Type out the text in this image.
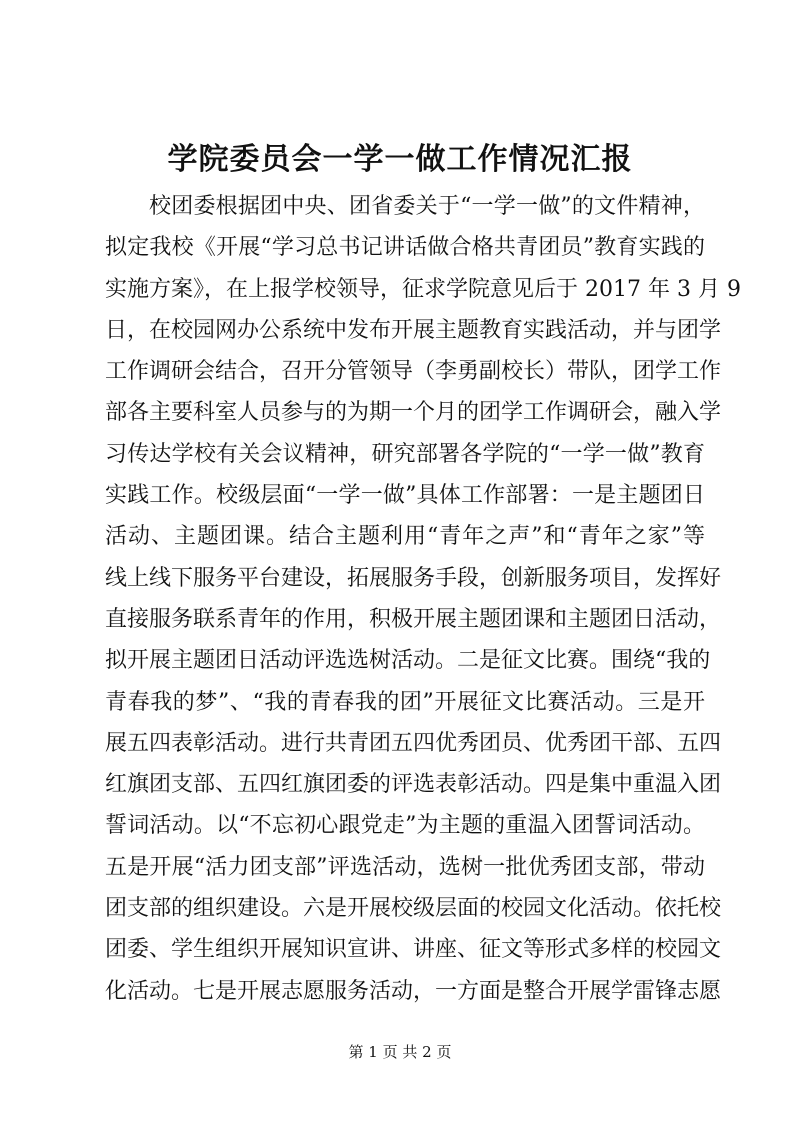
学院委员会一学一做工作情况汇报
校团委根据团中央、团省委关于“一学一做”的文件精神，
拟定我校《开展“学习总书记讲话做合格共青团员”教育实践的
实施方案》，在上报学校领导，征求学院意见后于 2017 年 3 月 9
日，在校园网办公系统中发布开展主题教育实践活动，并与团学
工作调研会结合，召开分管领导（李勇副校长）带队，团学工作
部各主要科室人员参与的为期一个月的团学工作调研会，融入学
习传达学校有关会议精神，研究部署各学院的“一学一做”教育
实践工作。校级层面“一学一做”具体工作部署：一是主题团日
活动、主题团课。结合主题利用“青年之声”和“青年之家”等
线上线下服务平台建设，拓展服务手段，创新服务项目，发挥好
直接服务联系青年的作用，积极开展主题团课和主题团日活动，
拟开展主题团日活动评选选树活动。二是征文比赛。围绕“我的
青春我的梦”、“我的青春我的团”开展征文比赛活动。三是开
展五四表彰活动。进行共青团五四优秀团员、优秀团干部、五四
红旗团支部、五四红旗团委的评选表彰活动。四是集中重温入团
誓词活动。以“不忘初心跟党走”为主题的重温入团誓词活动。
五是开展“活力团支部”评选活动，选树一批优秀团支部，带动
团支部的组织建设。六是开展校级层面的校园文化活动。依托校
团委、学生组织开展知识宣讲、讲座、征文等形式多样的校园文
化活动。七是开展志愿服务活动，一方面是整合开展学雷锋志愿
第 1 页 共 2 页
